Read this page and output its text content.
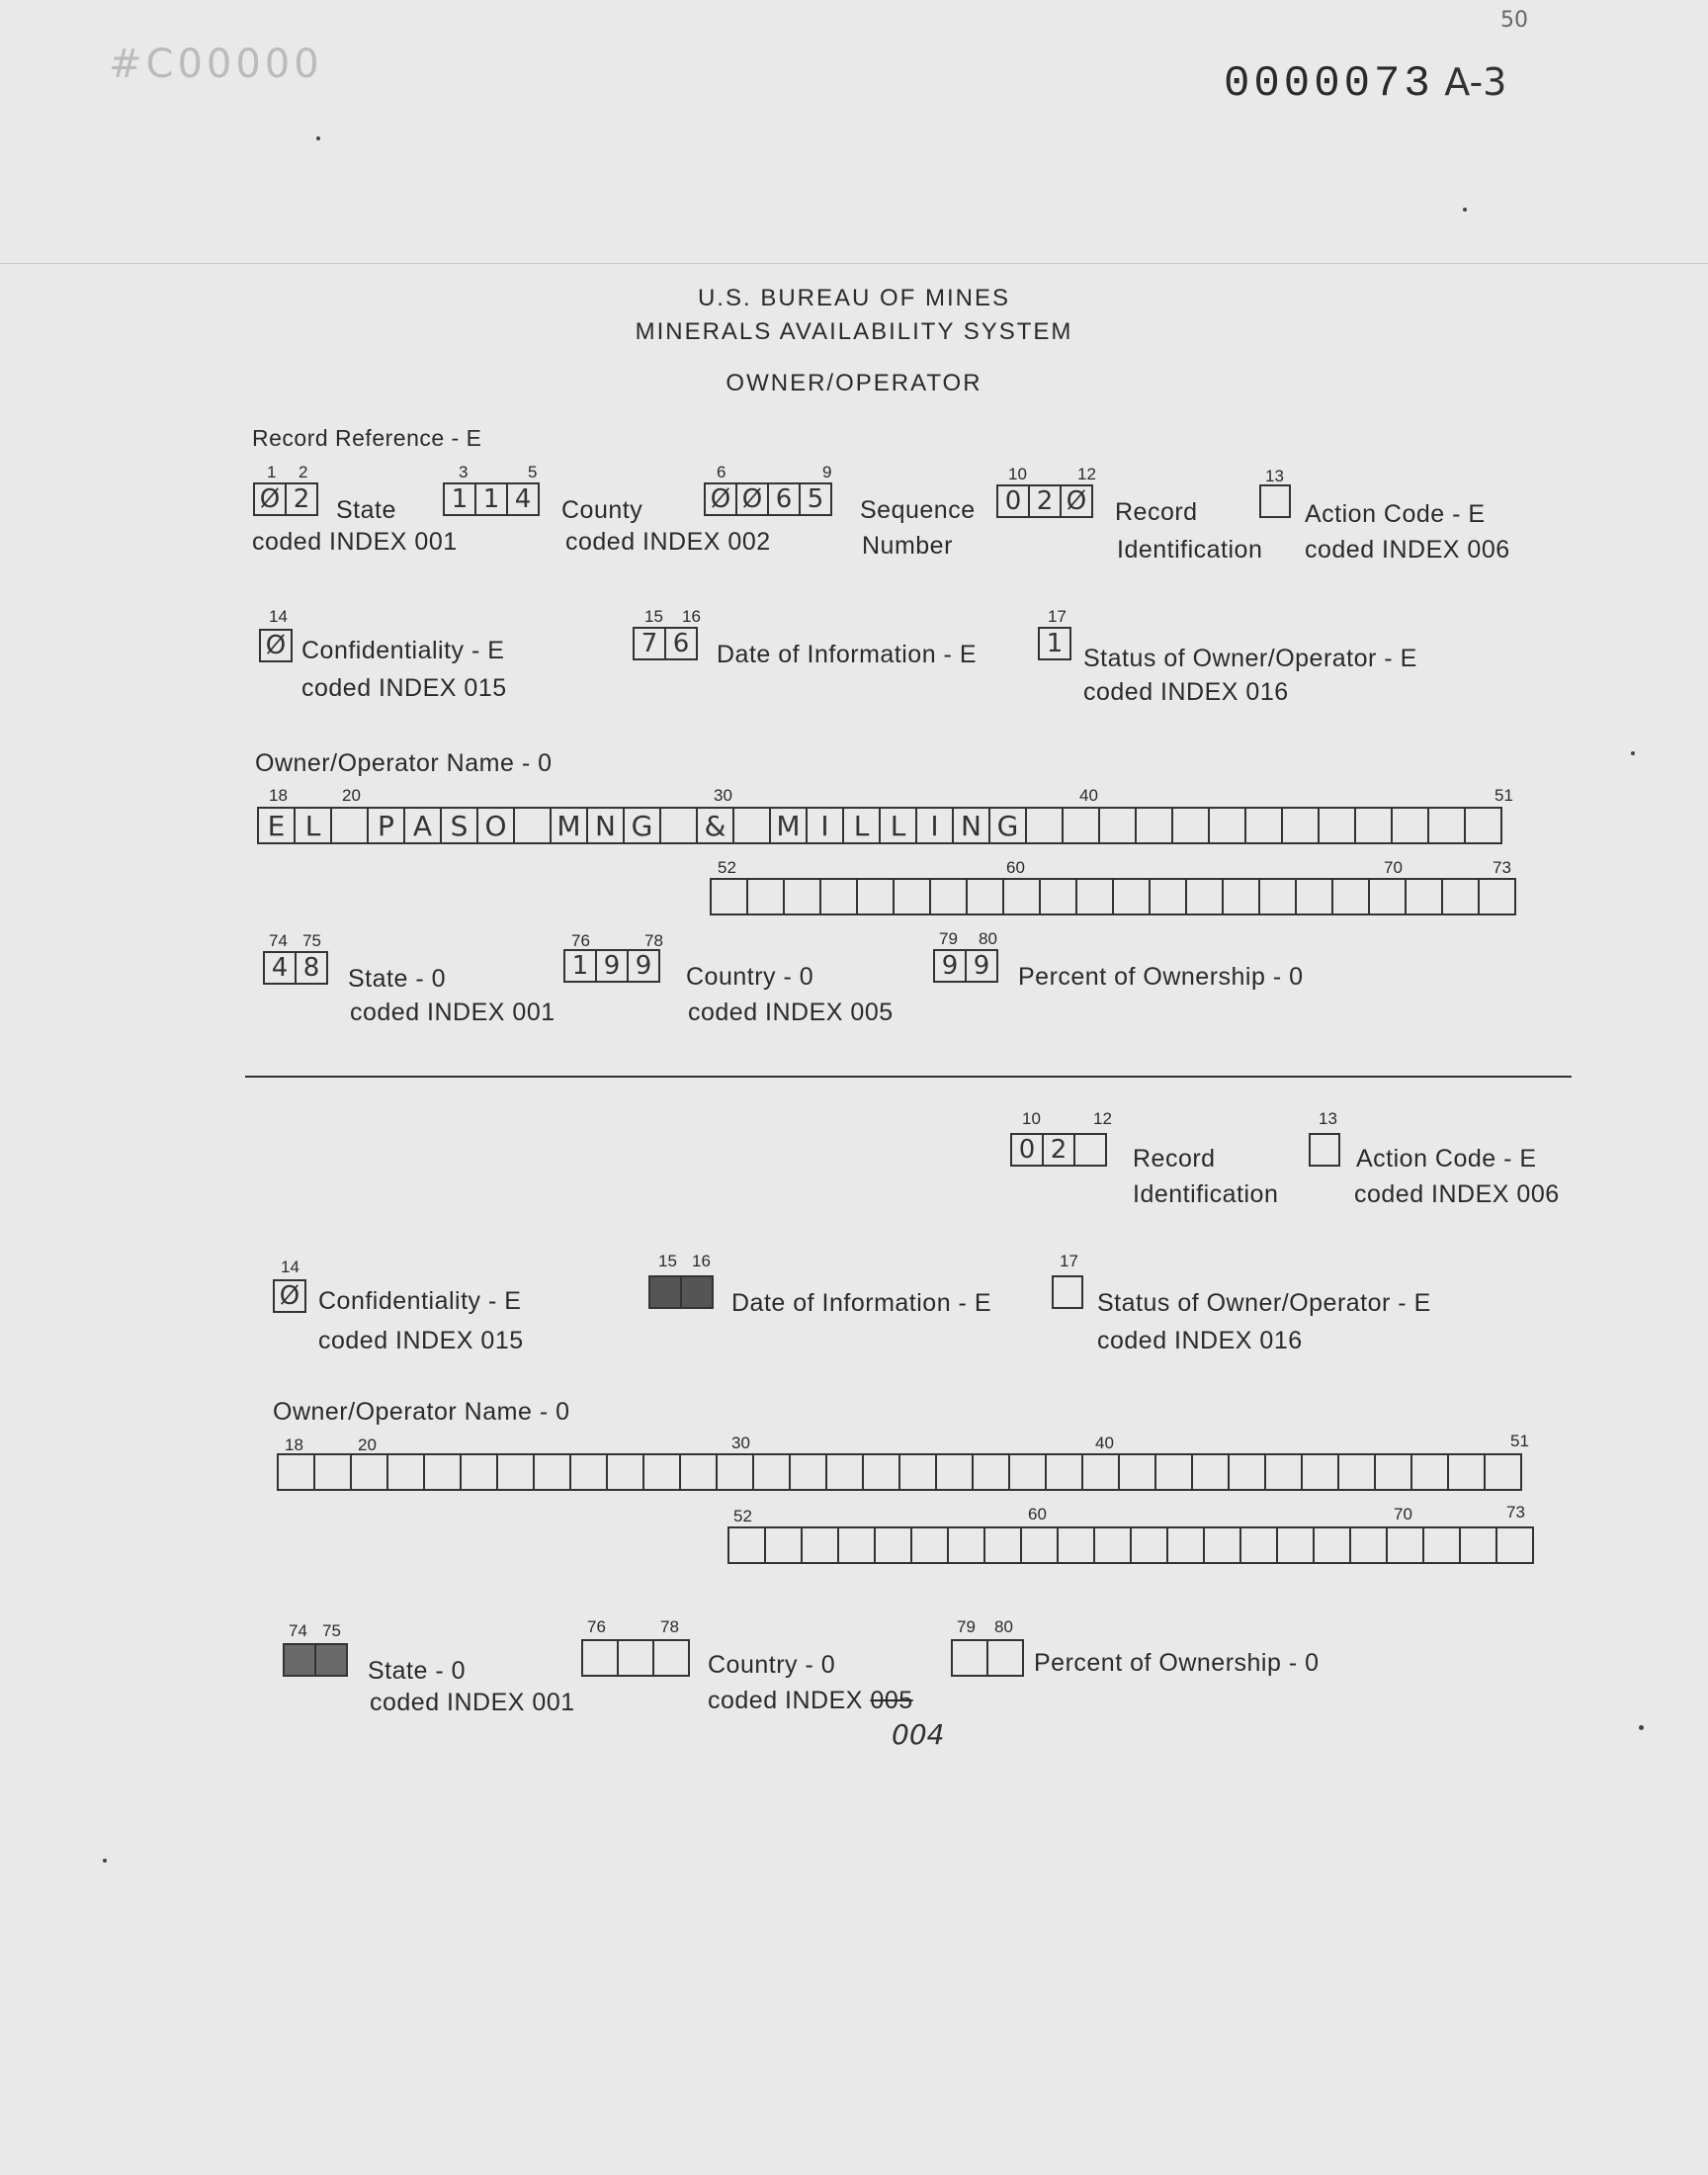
#C00000
50
0000073 A-3
U.S. BUREAU OF MINES
MINERALS AVAILABILITY SYSTEM
OWNER/OPERATOR
Record Reference - E
1 2
Ø 2	State
coded INDEX 001
3	5
1 1 4	County
coded INDEX 002
6	9
Ø Ø 6 5	Sequence
Number
10	12
0 2 Ø Record
Identification
13
Action Code - E
coded INDEX 006
14
Ø Confidentiality - E
coded INDEX 015
15 16
7 6	Date of Information - E
17
1 Status of Owner/Operator - E
coded INDEX 016
Owner/Operator Name - 0
18	20	30	40	51
E L	P A S O	M N G	&	M I L L I N G
52	60	70	73
74 75
4 8	State - 0
coded INDEX 001
76	78
1 9 9	Country - 0
coded INDEX 005
79 80
9 9	Percent of Ownership - 0
10	12
0 2	Record
Identification
13
Action Code - E
coded INDEX 006
14
Ø Confidentiality - E
coded INDEX 015
15 16
Date of Information - E
17
Status of Owner/Operator - E
coded INDEX 016
Owner/Operator Name - 0
18	20	30	40	51
52	60	70	73
74 75
State - 0
coded INDEX 001
76	78
Country - 0
coded INDEX 005
004
79 80
Percent of Ownership - 0
